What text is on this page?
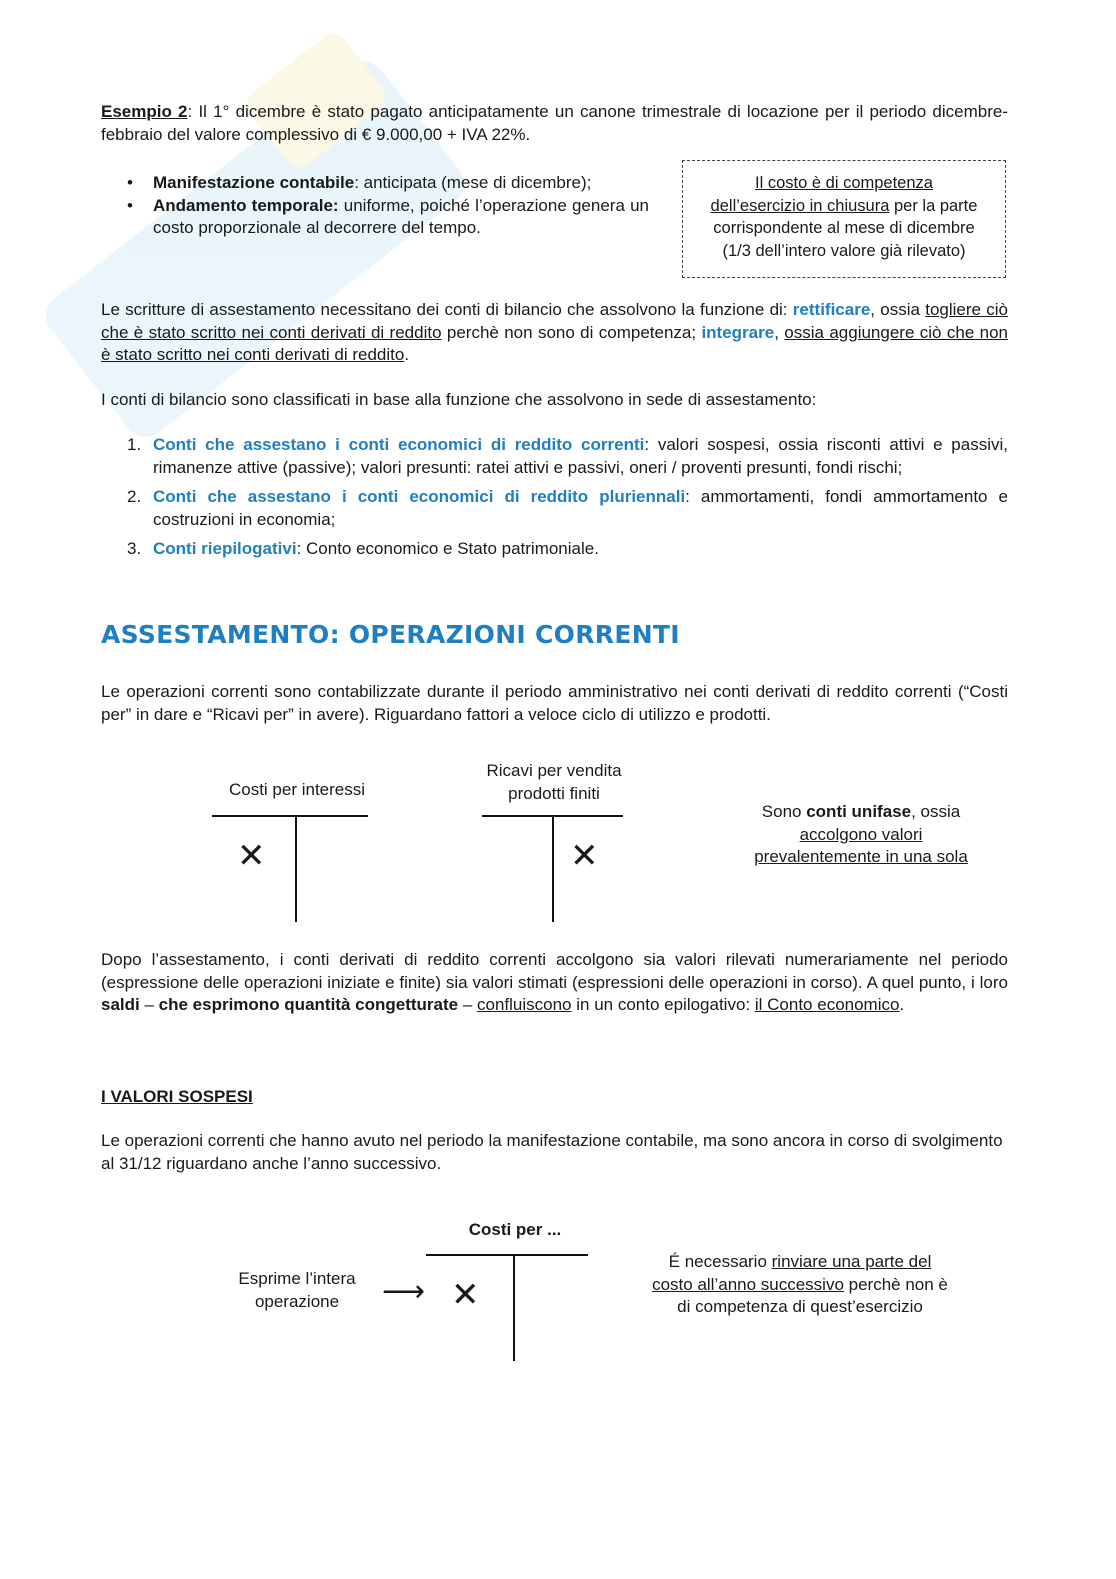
Esempio 2: Il 1° dicembre è stato pagato anticipatamente un canone trimestrale di locazione per il periodo dicembre- febbraio del valore complessivo di € 9.000,00 + IVA 22%.
• Manifestazione contabile: anticipata (mese di dicembre);
• Andamento temporale: uniforme, poiché l’operazione genera un costo proporzionale al decorrere del tempo.
Il costo è di competenza
dell’esercizio in chiusura per la parte
corrispondente al mese di dicembre
(1/3 dell’intero valore già rilevato)
Le scritture di assestamento necessitano dei conti di bilancio che assolvono la funzione di: rettificare, ossia togliere ciò che è stato scritto nei conti derivati di reddito perchè non sono di competenza; integrare, ossia aggiungere ciò che non è stato scritto nei conti derivati di reddito.
I conti di bilancio sono classificati in base alla funzione che assolvono in sede di assestamento:
1. Conti che assestano i conti economici di reddito correnti: valori sospesi, ossia risconti attivi e passivi, rimanenze attive (passive); valori presunti: ratei attivi e passivi, oneri / proventi presunti, fondi rischi;
2. Conti che assestano i conti economici di reddito pluriennali: ammortamenti, fondi ammortamento e costruzioni in economia;
3. Conti riepilogativi: Conto economico e Stato patrimoniale.
ASSESTAMENTO: OPERAZIONI CORRENTI
Le operazioni correnti sono contabilizzate durante il periodo amministrativo nei conti derivati di reddito correnti (“Costi per” in dare e “Ricavi per” in avere). Riguardano fattori a veloce ciclo di utilizzo e prodotti.
Costi per interessi
✕
Ricavi per vendita
prodotti finiti
✕
Sono conti unifase, ossia
accolgono valori
prevalentemente in una sola
Dopo l’assestamento, i conti derivati di reddito correnti accolgono sia valori rilevati numerariamente nel periodo (espressione delle operazioni iniziate e finite) sia valori stimati (espressioni delle operazioni in corso). A quel punto, i loro saldi – che esprimono quantità congetturate – confluiscono in un conto epilogativo: il Conto economico.
I VALORI SOSPESI
Le operazioni correnti che hanno avuto nel periodo la manifestazione contabile, ma sono ancora in corso di svolgimento al 31/12 riguardano anche l’anno successivo.
Costi per ...
✕
Esprime l’intera
operazione	⟶
É necessario rinviare una parte del
costo all’anno successivo perchè non è
di competenza di quest’esercizio
